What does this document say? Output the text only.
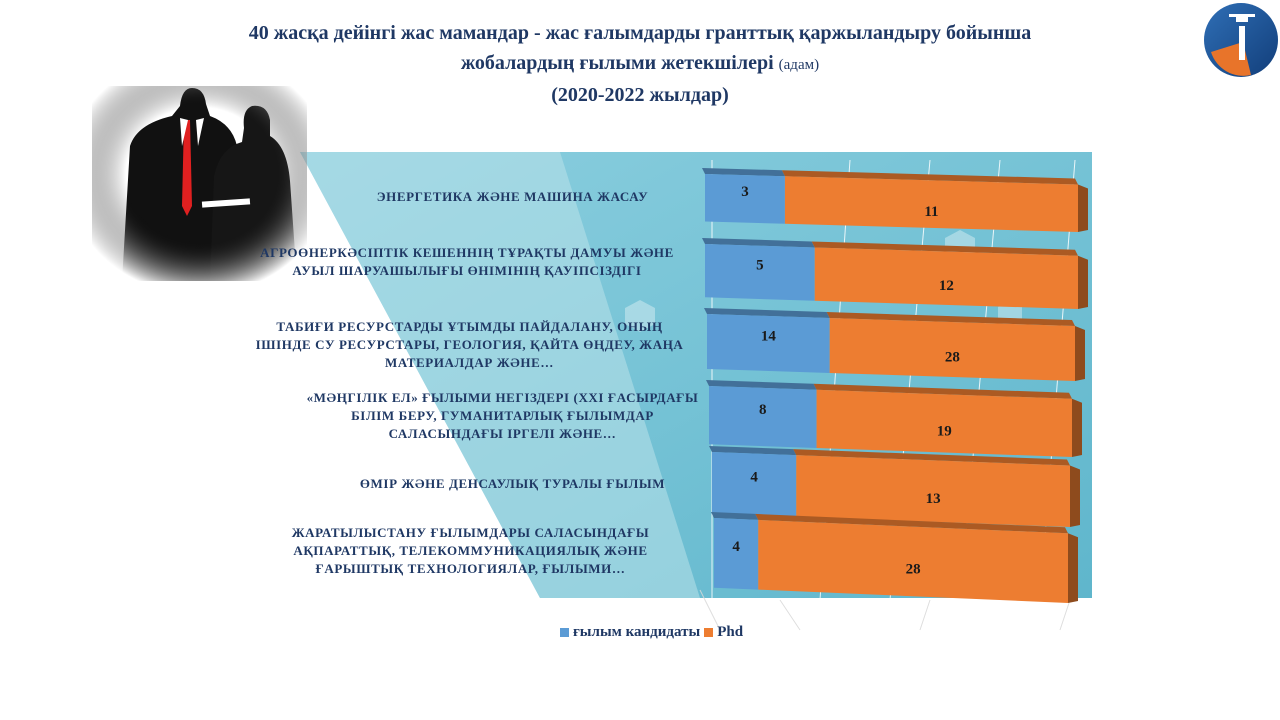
40 жасқа дейінгі жас мамандар - жас ғалымдарды гранттық қаржыландыру бойынша
жобалардың ғылыми жетекшілері (адам)
(2020-2022 жылдар)
3
11
5
12
14
28
8
19
4
13
4
28
ЭНЕРГЕТИКА ЖӘНЕ МАШИНА ЖАСАУ
АГРОӨНЕРКӘСІПТІК КЕШЕННІҢ ТҰРАҚТЫ ДАМУЫ ЖӘНЕ АУЫЛ ШАРУАШЫЛЫҒЫ ӨНІМІНІҢ ҚАУІПСІЗДІГІ
ТАБИҒИ РЕСУРСТАРДЫ ҰТЫМДЫ ПАЙДАЛАНУ, ОНЫҢ ІШІНДЕ СУ РЕСУРСТАРЫ, ГЕОЛОГИЯ, ҚАЙТА ӨҢДЕУ, ЖАҢА МАТЕРИАЛДАР ЖӘНЕ…
«МӘҢГІЛІК ЕЛ» ҒЫЛЫМИ НЕГІЗДЕРІ (XXI ҒАСЫРДАҒЫ БІЛІМ БЕРУ, ГУМАНИТАРЛЫҚ ҒЫЛЫМДАР САЛАСЫНДАҒЫ ІРГЕЛІ ЖӘНЕ…
ӨМІР ЖӘНЕ ДЕНСАУЛЫҚ ТУРАЛЫ ҒЫЛЫМ
ЖАРАТЫЛЫСТАНУ ҒЫЛЫМДАРЫ САЛАСЫНДАҒЫ АҚПАРАТТЫҚ, ТЕЛЕКОММУНИКАЦИЯЛЫҚ ЖӘНЕ ҒАРЫШТЫҚ ТЕХНОЛОГИЯЛАР, ҒЫЛЫМИ…
ғылым кандидаты Phd
